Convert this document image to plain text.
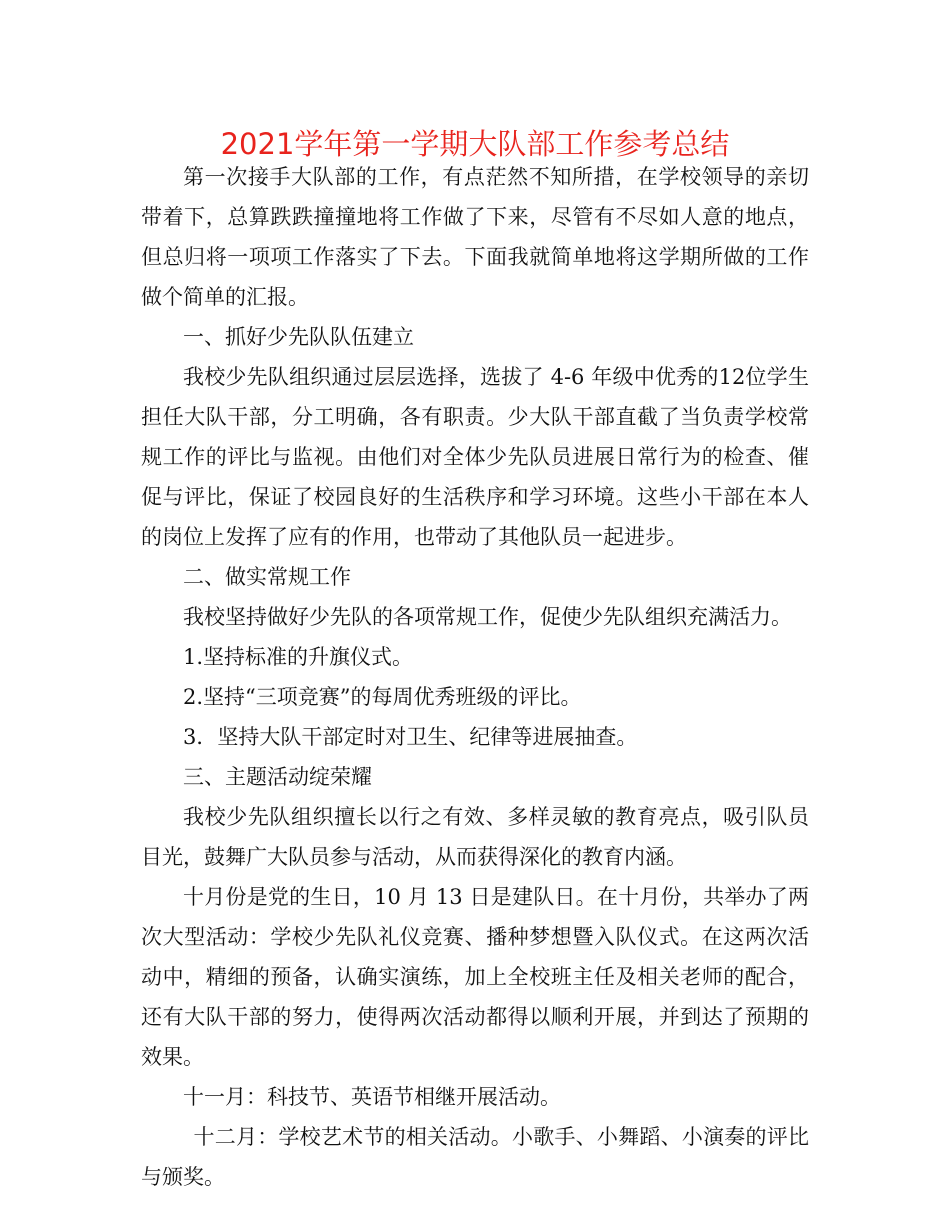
2021学年第一学期大队部工作参考总结

第一次接手大队部的工作，有点茫然不知所措，在学校领导的亲切带着下，总算跌跌撞撞地将工作做了下来，尽管有不尽如人意的地点，但总归将一项项工作落实了下去。下面我就简单地将这学期所做的工作做个简单的汇报。

一、抓好少先队队伍建立

我校少先队组织通过层层选择，选拔了 4-6 年级中优秀的12位学生担任大队干部，分工明确，各有职责。少大队干部直截了当负责学校常规工作的评比与监视。由他们对全体少先队员进展日常行为的检查、催促与评比，保证了校园良好的生活秩序和学习环境。这些小干部在本人的岗位上发挥了应有的作用，也带动了其他队员一起进步。

二、做实常规工作

我校坚持做好少先队的各项常规工作，促使少先队组织充满活力。

1.坚持标准的升旗仪式。

2.坚持“三项竞赛”的每周优秀班级的评比。

3．坚持大队干部定时对卫生、纪律等进展抽查。

三、主题活动绽荣耀

我校少先队组织擅长以行之有效、多样灵敏的教育亮点，吸引队员目光，鼓舞广大队员参与活动，从而获得深化的教育内涵。

十月份是党的生日，10 月 13 日是建队日。在十月份，共举办了两次大型活动：学校少先队礼仪竞赛、播种梦想暨入队仪式。在这两次活动中，精细的预备，认确实演练，加上全校班主任及相关老师的配合，还有大队干部的努力，使得两次活动都得以顺利开展，并到达了预期的效果。

十一月：科技节、英语节相继开展活动。

十二月：学校艺术节的相关活动。小歌手、小舞蹈、小演奏的评比与颁奖。
